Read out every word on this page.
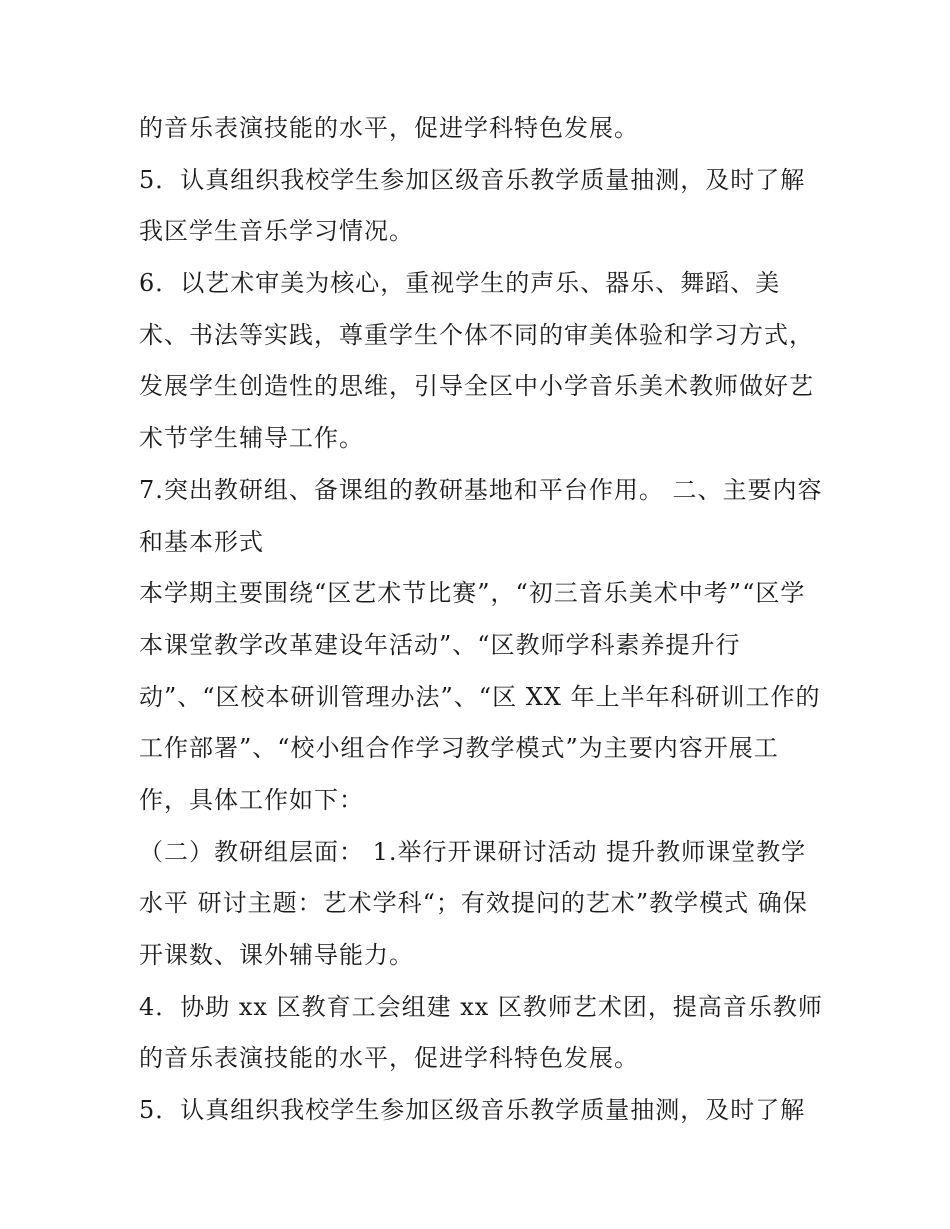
的音乐表演技能的水平，促进学科特色发展。
5．认真组织我校学生参加区级音乐教学质量抽测，及时了解
我区学生音乐学习情况。
6．以艺术审美为核心，重视学生的声乐、器乐、舞蹈、美
术、书法等实践，尊重学生个体不同的审美体验和学习方式，
发展学生创造性的思维，引导全区中小学音乐美术教师做好艺
术节学生辅导工作。
7.突出教研组、备课组的教研基地和平台作用。 二、主要内容
和基本形式
本学期主要围绕“区艺术节比赛”，“初三音乐美术中考”“区学
本课堂教学改革建设年活动”、“区教师学科素养提升行
动”、“区校本研训管理办法”、“区 XX 年上半年科研训工作的
工作部署”、“校小组合作学习教学模式”为主要内容开展工
作，具体工作如下：
（二）教研组层面： 1.举行开课研讨活动 提升教师课堂教学
水平 研讨主题：艺术学科“；有效提问的艺术”教学模式 确保
开课数、课外辅导能力。
4．协助 xx 区教育工会组建 xx 区教师艺术团，提高音乐教师
的音乐表演技能的水平，促进学科特色发展。
5．认真组织我校学生参加区级音乐教学质量抽测，及时了解
